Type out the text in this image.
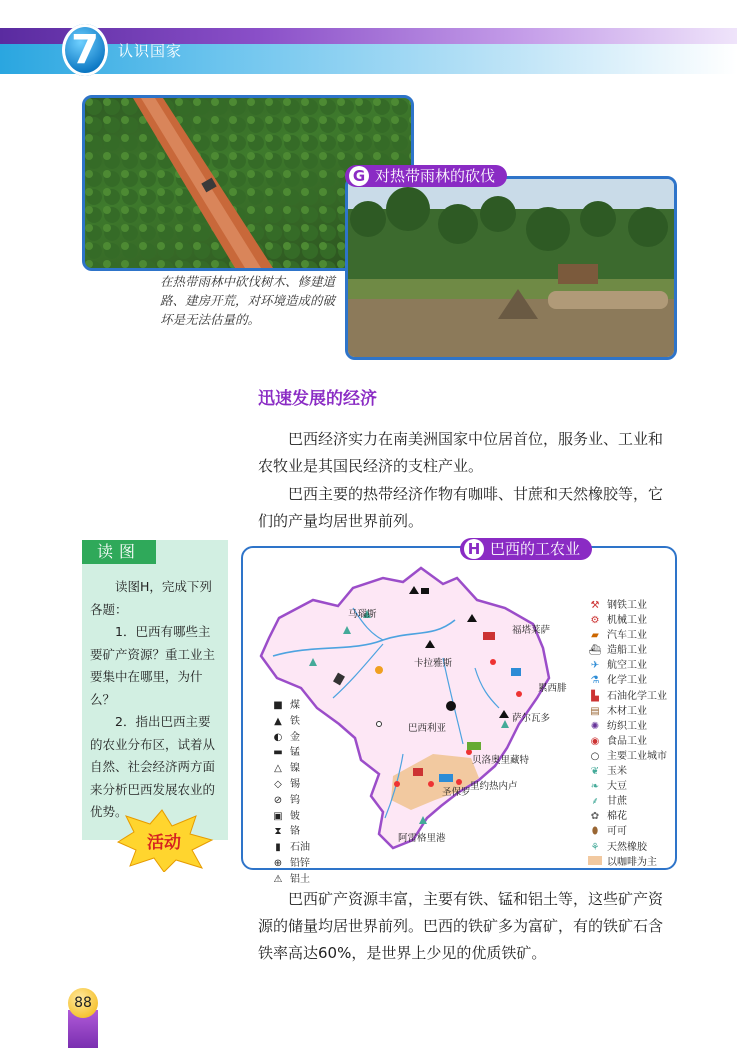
7	认识国家
G 对热带雨林的砍伐
在热带雨林中砍伐树木、修建道路、建房开荒，对环境造成的破坏是无法估量的。
迅速发展的经济
巴西经济实力在南美洲国家中位居首位，服务业、工业和农牧业是其国民经济的支柱产业。
巴西主要的热带经济作物有咖啡、甘蔗和天然橡胶等，它们的产量均居世界前列。
读图
读图H，完成下列各题：
1．巴西有哪些主要矿产资源？重工业主要集中在哪里，为什么？
2．指出巴西主要的农业分布区，试着从自然、社会经济两方面来分析巴西发展农业的优势。
活动
H 巴西的工农业
马瑙斯
福塔莱萨
卡拉雅斯
累西腓
萨尔瓦多
巴西利亚
贝洛奥里藏特
里约热内卢
圣保罗
阿雷格里港
■ 煤
▲ 铁
◐ 金
▬ 锰
△ 镍
◇ 锡
⊘ 钨
▣ 铍
⧗ 铬
▮ 石油
⊕ 铅锌
⚠ 铝土
⚒ 钢铁工业
⚙ 机械工业
▰ 汽车工业
⛴ 造船工业
✈ 航空工业
⚗ 化学工业
▙ 石油化学工业
▤ 木材工业
✺ 纺织工业
◉ 食品工业
○ 主要工业城市
❦ 玉米
❧ 大豆
⸙ 甘蔗
✿ 棉花
⬮ 可可
⚘ 天然橡胶
以咖啡为主
巴西矿产资源丰富，主要有铁、锰和铝土等，这些矿产资源的储量均居世界前列。巴西的铁矿多为富矿，有的铁矿石含铁率高达60%，是世界上少见的优质铁矿。
88
